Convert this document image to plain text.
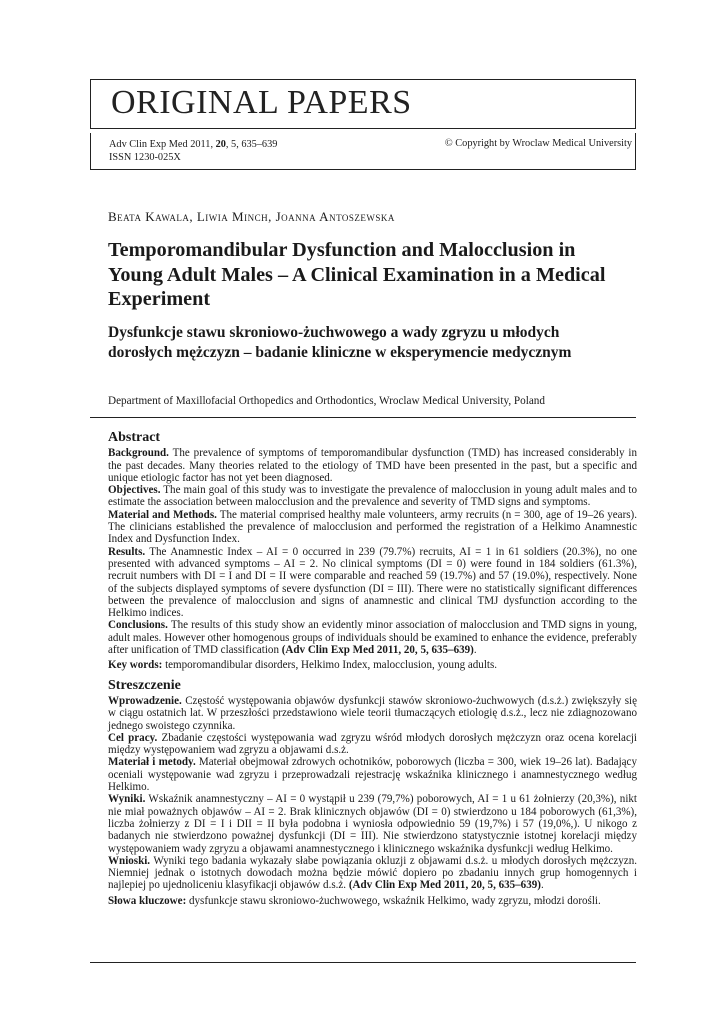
ORIGINAL PAPERS
Adv Clin Exp Med 2011, 20, 5, 635–639
ISSN 1230-025X
© Copyright by Wroclaw Medical University
Beata Kawala, Liwia Minch, Joanna Antoszewska
Temporomandibular Dysfunction and Malocclusion in Young Adult Males – A Clinical Examination in a Medical Experiment
Dysfunkcje stawu skroniowo-żuchwowego a wady zgryzu u młodych dorosłych mężczyzn – badanie kliniczne w eksperymencie medycznym
Department of Maxillofacial Orthopedics and Orthodontics, Wroclaw Medical University, Poland
Abstract

Background. The prevalence of symptoms of temporomandibular dysfunction (TMD) has increased considerably in the past decades. Many theories related to the etiology of TMD have been presented in the past, but a specific and unique etiologic factor has not yet been diagnosed.

Objectives. The main goal of this study was to investigate the prevalence of malocclusion in young adult males and to estimate the association between malocclusion and the prevalence and severity of TMD signs and symptoms.

Material and Methods. The material comprised healthy male volunteers, army recruits (n = 300, age of 19–26 years). The clinicians established the prevalence of malocclusion and performed the registration of a Helkimo Anamnestic Index and Dysfunction Index.

Results. The Anamnestic Index – AI = 0 occurred in 239 (79.7%) recruits, AI = 1 in 61 soldiers (20.3%), no one presented with advanced symptoms – AI = 2. No clinical symptoms (DI = 0) were found in 184 soldiers (61.3%), recruit numbers with DI = I and DI = II were comparable and reached 59 (19.7%) and 57 (19.0%), respectively. None of the subjects displayed symptoms of severe dysfunction (DI = III). There were no statistically significant differences between the prevalence of malocclusion and signs of anamnestic and clinical TMJ dysfunction according to the Helkimo indices.

Conclusions. The results of this study show an evidently minor association of malocclusion and TMD signs in young, adult males. However other homogenous groups of individuals should be examined to enhance the evidence, preferably after unification of TMD classification (Adv Clin Exp Med 2011, 20, 5, 635–639).

Key words: temporomandibular disorders, Helkimo Index, malocclusion, young adults.

Streszczenie

Wprowadzenie. Częstość występowania objawów dysfunkcji stawów skroniowo-żuchwowych (d.s.ż.) zwiększyły się w ciągu ostatnich lat. W przeszłości przedstawiono wiele teorii tłumaczących etiologię d.s.ż., lecz nie zdiagnozowano jednego swoistego czynnika.

Cel pracy. Zbadanie częstości występowania wad zgryzu wśród młodych dorosłych mężczyzn oraz ocena korelacji między występowaniem wad zgryzu a objawami d.s.ż.

Materiał i metody. Materiał obejmował zdrowych ochotników, poborowych (liczba = 300, wiek 19–26 lat). Badający oceniali występowanie wad zgryzu i przeprowadzali rejestrację wskaźnika klinicznego i anamnestycznego według Helkimo.

Wyniki. Wskaźnik anamnestyczny – AI = 0 wystąpił u 239 (79,7%) poborowych, AI = 1 u 61 żołnierzy (20,3%), nikt nie miał poważnych objawów – AI = 2. Brak klinicznych objawów (DI = 0) stwierdzono u 184 poborowych (61,3%), liczba żołnierzy z DI = I i DII = II była podobna i wyniosła odpowiednio 59 (19,7%) i 57 (19,0%,). U nikogo z badanych nie stwierdzono poważnej dysfunkcji (DI = III). Nie stwierdzono statystycznie istotnej korelacji między występowaniem wady zgryzu a objawami anamnestycznego i klinicznego wskaźnika dysfunkcji według Helkimo.

Wnioski. Wyniki tego badania wykazały słabe powiązania okluzji z objawami d.s.ż. u młodych dorosłych mężczyzn. Niemniej jednak o istotnych dowodach można będzie mówić dopiero po zbadaniu innych grup homogennych i najlepiej po ujednoliceniu klasyfikacji objawów d.s.ż. (Adv Clin Exp Med 2011, 20, 5, 635–639).

Słowa kluczowe: dysfunkcje stawu skroniowo-żuchwowego, wskaźnik Helkimo, wady zgryzu, młodzi dorośli.
